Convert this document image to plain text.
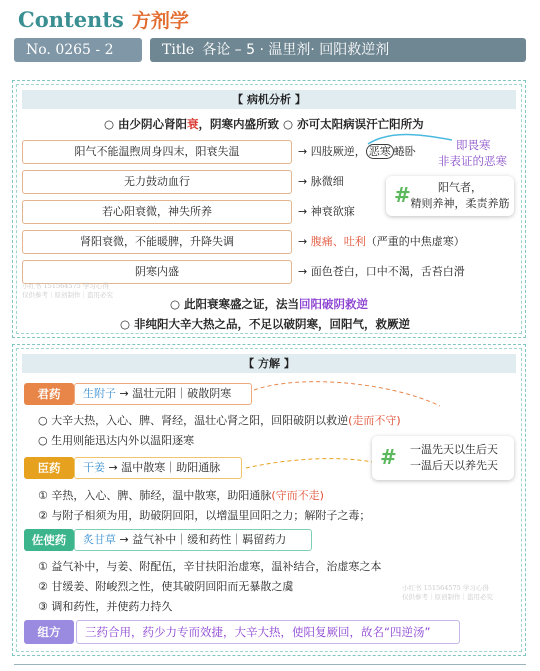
Contents 方剂学
No. 0265 - 2	Title 各论 – 5 · 温里剂· 回阳救逆剂
【 病机分析 】
○ 由少阴心肾阳衰，阴寒内盛所致 ○ 亦可太阳病误汗亡阳所为
阳气不能温煦周身四末，阳衰失温	→ 四肢厥逆， 恶寒 蜷卧	即畏寒
非表证的恶寒
无力鼓动血行	→ 脉微细
若心阳衰微，神失所养	→ 神衰欲寐
肾阳衰微，不能暖脾，升降失调	→ 腹痛、吐利（严重的中焦虚寒）
阴寒内盛	→ 面色苍白，口中不渴，舌苔白滑
#	阳气者，
精则养神，柔责养筋
小红书 151564575 学习心得
仅供参考｜原创制作｜盗用必究
○ 此阳衰寒盛之证，法当回阳破阴救逆
○ 非纯阳大辛大热之品，不足以破阴寒，回阳气，救厥逆
【 方解 】
君药	生附子 → 温壮元阳｜破散阴寒
○ 大辛大热，入心、脾、肾经，温壮心肾之阳，回阳破阴以救逆(走而不守)
○ 生用则能迅达内外以温阳逐寒
臣药	干姜 → 温中散寒｜助阳通脉
① 辛热，入心、脾、肺经，温中散寒，助阳通脉(守而不走)
② 与附子相须为用，助破阴回阳，以增温里回阳之力；解附子之毒；
#	一温先天以生后天
一温后天以养先天
佐使药	炙甘草 → 益气补中｜缓和药性｜羁留药力
① 益气补中，与姜、附配伍，辛甘扶阳治虚寒，温补结合，治虚寒之本
② 甘缓姜、附峻烈之性，使其破阴回阳而无暴散之虞
③ 调和药性，并使药力持久
小红书 151564575 学习心得
仅供参考｜原创制作｜盗用必究
组方	三药合用，药少力专而效捷，大辛大热，使阳复厥回，故名“四逆汤”
